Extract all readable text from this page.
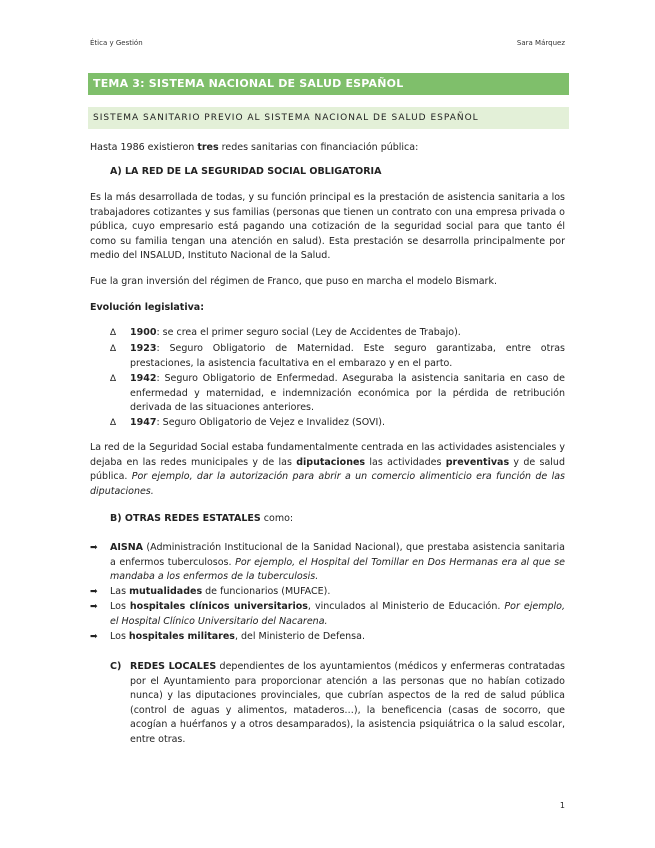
Ética y Gestión	Sara Márquez
TEMA 3: SISTEMA NACIONAL DE SALUD ESPAÑOL
SISTEMA SANITARIO PREVIO AL SISTEMA NACIONAL DE SALUD ESPAÑOL
Hasta 1986 existieron tres redes sanitarias con financiación pública:
A) LA RED DE LA SEGURIDAD SOCIAL OBLIGATORIA
Es la más desarrollada de todas, y su función principal es la prestación de asistencia sanitaria a los trabajadores cotizantes y sus familias (personas que tienen un contrato con una empresa privada o pública, cuyo empresario está pagando una cotización de la seguridad social para que tanto él como su familia tengan una atención en salud). Esta prestación se desarrolla principalmente por medio del INSALUD, Instituto Nacional de la Salud.
Fue la gran inversión del régimen de Franco, que puso en marcha el modelo Bismark.
Evolución legislativa:
∆ 1900: se crea el primer seguro social (Ley de Accidentes de Trabajo).
∆ 1923: Seguro Obligatorio de Maternidad. Este seguro garantizaba, entre otras prestaciones, la asistencia facultativa en el embarazo y en el parto.
∆ 1942: Seguro Obligatorio de Enfermedad. Aseguraba la asistencia sanitaria en caso de enfermedad y maternidad, e indemnización económica por la pérdida de retribución derivada de las situaciones anteriores.
∆ 1947: Seguro Obligatorio de Vejez e Invalidez (SOVI).
La red de la Seguridad Social estaba fundamentalmente centrada en las actividades asistenciales y dejaba en las redes municipales y de las diputaciones las actividades preventivas y de salud pública. Por ejemplo, dar la autorización para abrir a un comercio alimenticio era función de las diputaciones.
B) OTRAS REDES ESTATALES como:
➡ AISNA (Administración Institucional de la Sanidad Nacional), que prestaba asistencia sanitaria a enfermos tuberculosos. Por ejemplo, el Hospital del Tomillar en Dos Hermanas era al que se mandaba a los enfermos de la tuberculosis.
➡ Las mutualidades de funcionarios (MUFACE).
➡ Los hospitales clínicos universitarios, vinculados al Ministerio de Educación. Por ejemplo, el Hospital Clínico Universitario del Nacarena.
➡ Los hospitales militares, del Ministerio de Defensa.
C) REDES LOCALES dependientes de los ayuntamientos (médicos y enfermeras contratadas por el Ayuntamiento para proporcionar atención a las personas que no habían cotizado nunca) y las diputaciones provinciales, que cubrían aspectos de la red de salud pública (control de aguas y alimentos, mataderos…), la beneficencia (casas de socorro, que acogían a huérfanos y a otros desamparados), la asistencia psiquiátrica o la salud escolar, entre otras.
1
